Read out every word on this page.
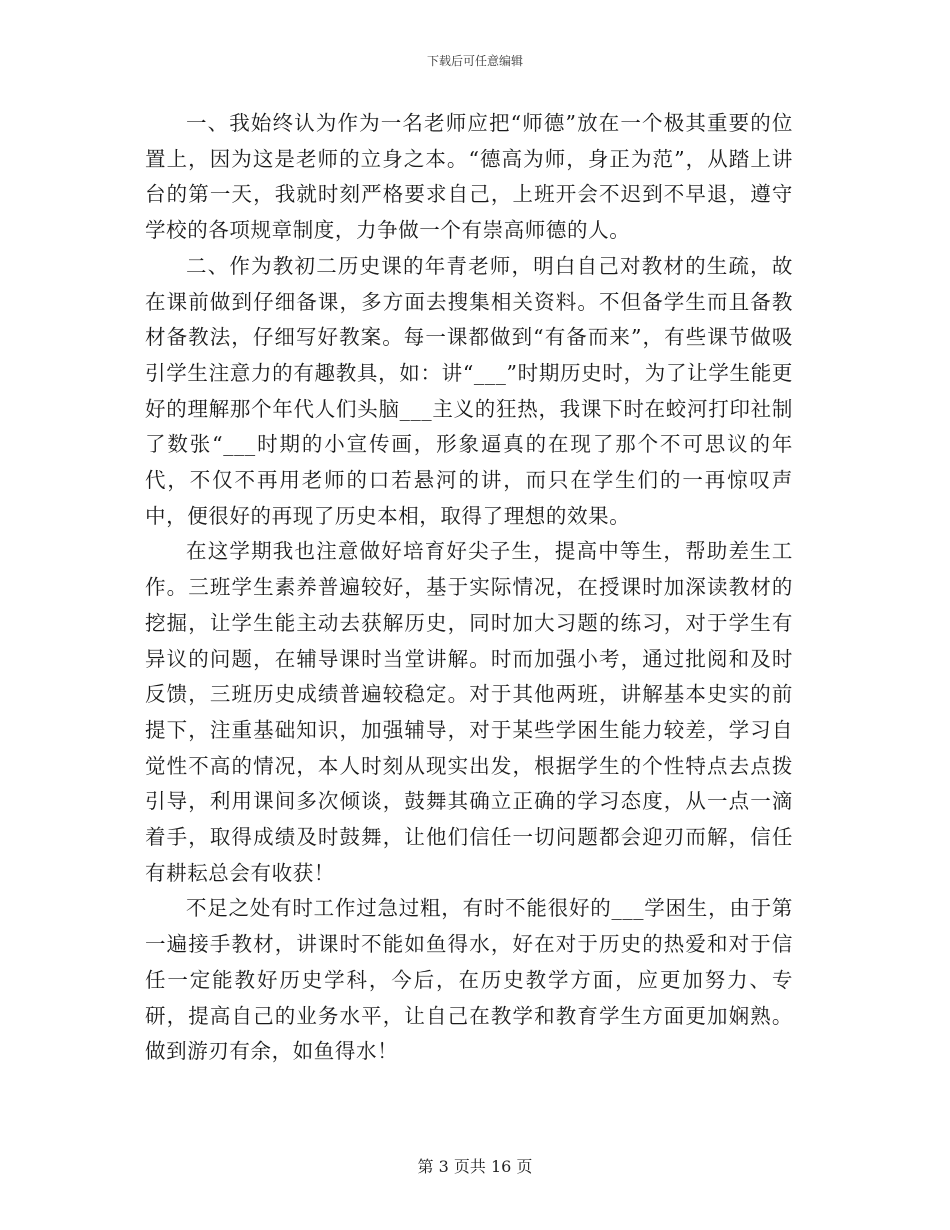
下载后可任意编辑

一、我始终认为作为一名老师应把“师德”放在一个极其重要的位置上，因为这是老师的立身之本。“德高为师，身正为范”，从踏上讲台的第一天，我就时刻严格要求自己，上班开会不迟到不早退，遵守学校的各项规章制度，力争做一个有崇高师德的人。

二、作为教初二历史课的年青老师，明白自己对教材的生疏，故在课前做到仔细备课，多方面去搜集相关资料。不但备学生而且备教材备教法，仔细写好教案。每一课都做到“有备而来”，有些课节做吸引学生注意力的有趣教具，如：讲“___”时期历史时，为了让学生能更好的理解那个年代人们头脑___主义的狂热，我课下时在蛟河打印社制了数张“___时期的小宣传画，形象逼真的在现了那个不可思议的年代，不仅不再用老师的口若悬河的讲，而只在学生们的一再惊叹声中，便很好的再现了历史本相，取得了理想的效果。

在这学期我也注意做好培育好尖子生，提高中等生，帮助差生工作。三班学生素养普遍较好，基于实际情况，在授课时加深读教材的挖掘，让学生能主动去获解历史，同时加大习题的练习，对于学生有异议的问题，在辅导课时当堂讲解。时而加强小考，通过批阅和及时反馈，三班历史成绩普遍较稳定。对于其他两班，讲解基本史实的前提下，注重基础知识，加强辅导，对于某些学困生能力较差，学习自觉性不高的情况，本人时刻从现实出发，根据学生的个性特点去点拨引导，利用课间多次倾谈，鼓舞其确立正确的学习态度，从一点一滴着手，取得成绩及时鼓舞，让他们信任一切问题都会迎刃而解，信任有耕耘总会有收获！

不足之处有时工作过急过粗，有时不能很好的___学困生，由于第一遍接手教材，讲课时不能如鱼得水，好在对于历史的热爱和对于信任一定能教好历史学科，今后，在历史教学方面，应更加努力、专研，提高自己的业务水平，让自己在教学和教育学生方面更加娴熟。做到游刃有余，如鱼得水！

第 3 页共 16 页
